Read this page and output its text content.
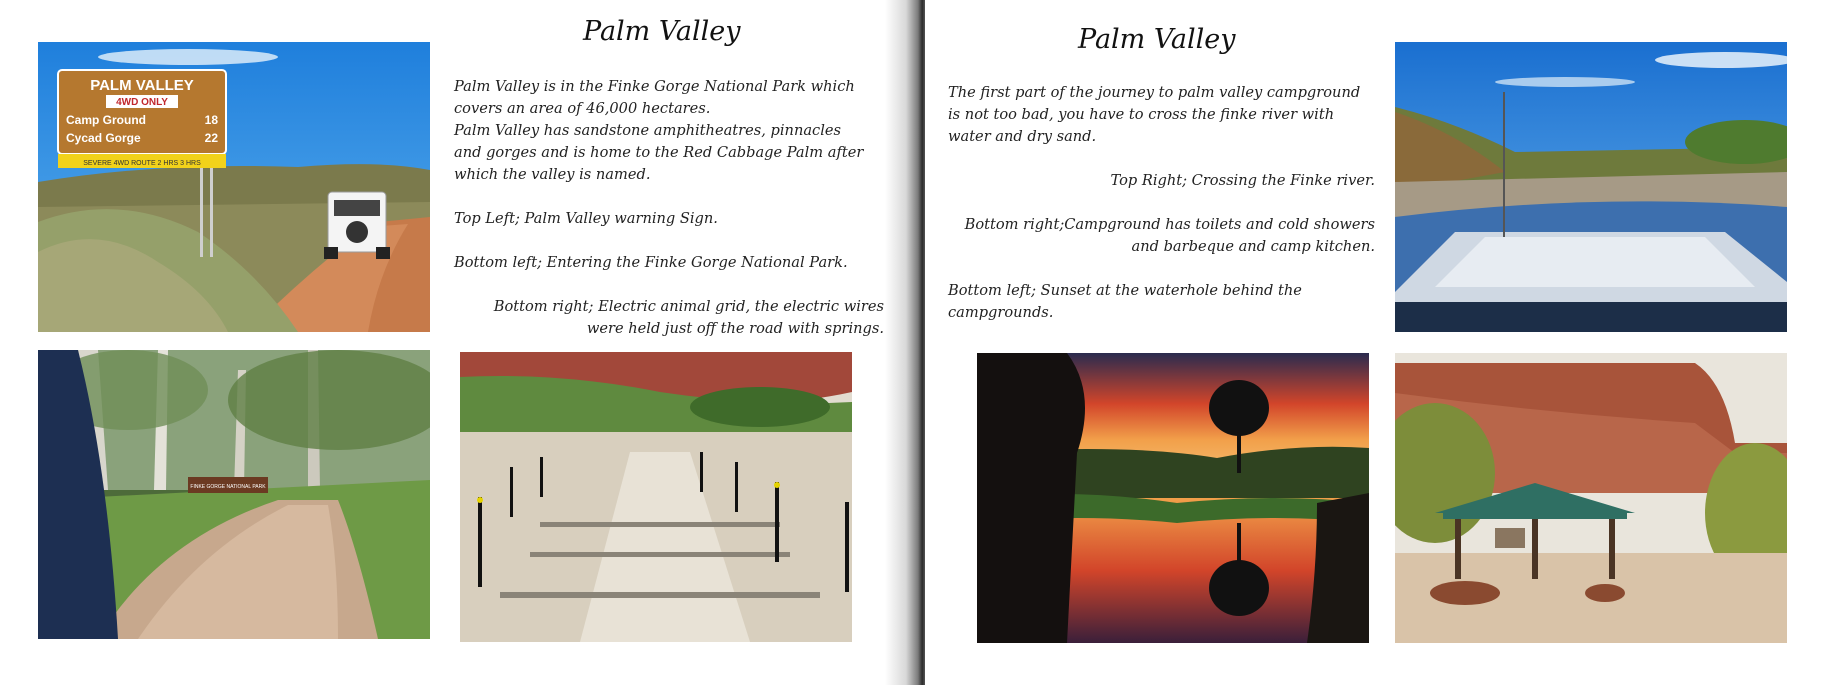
PALM VALLEY
4WD ONLY
Camp Ground	18
Cycad Gorge	22
SEVERE 4WD ROUTE 2 HRS 3 HRS
Palm Valley

Palm Valley is in the Finke Gorge National Park which

covers an area of 46,000 hectares.

Palm Valley has sandstone amphitheatres, pinnacles

and gorges and is home to the Red Cabbage Palm after

which the valley is named.

Top Left; Palm Valley warning Sign.

Bottom left; Entering the Finke Gorge National Park.

Bottom right; Electric animal grid, the electric wires

were held just off the road with springs.

FINKE GORGE NATIONAL PARK
Palm Valley

The first part of the journey to palm valley campground

is not too bad, you have to cross the finke river with

water and dry sand.

Top Right; Crossing the Finke river.

Bottom right;Campground has toilets and cold showers

and barbeque and camp kitchen.

Bottom left; Sunset at the waterhole behind the

campgrounds.
